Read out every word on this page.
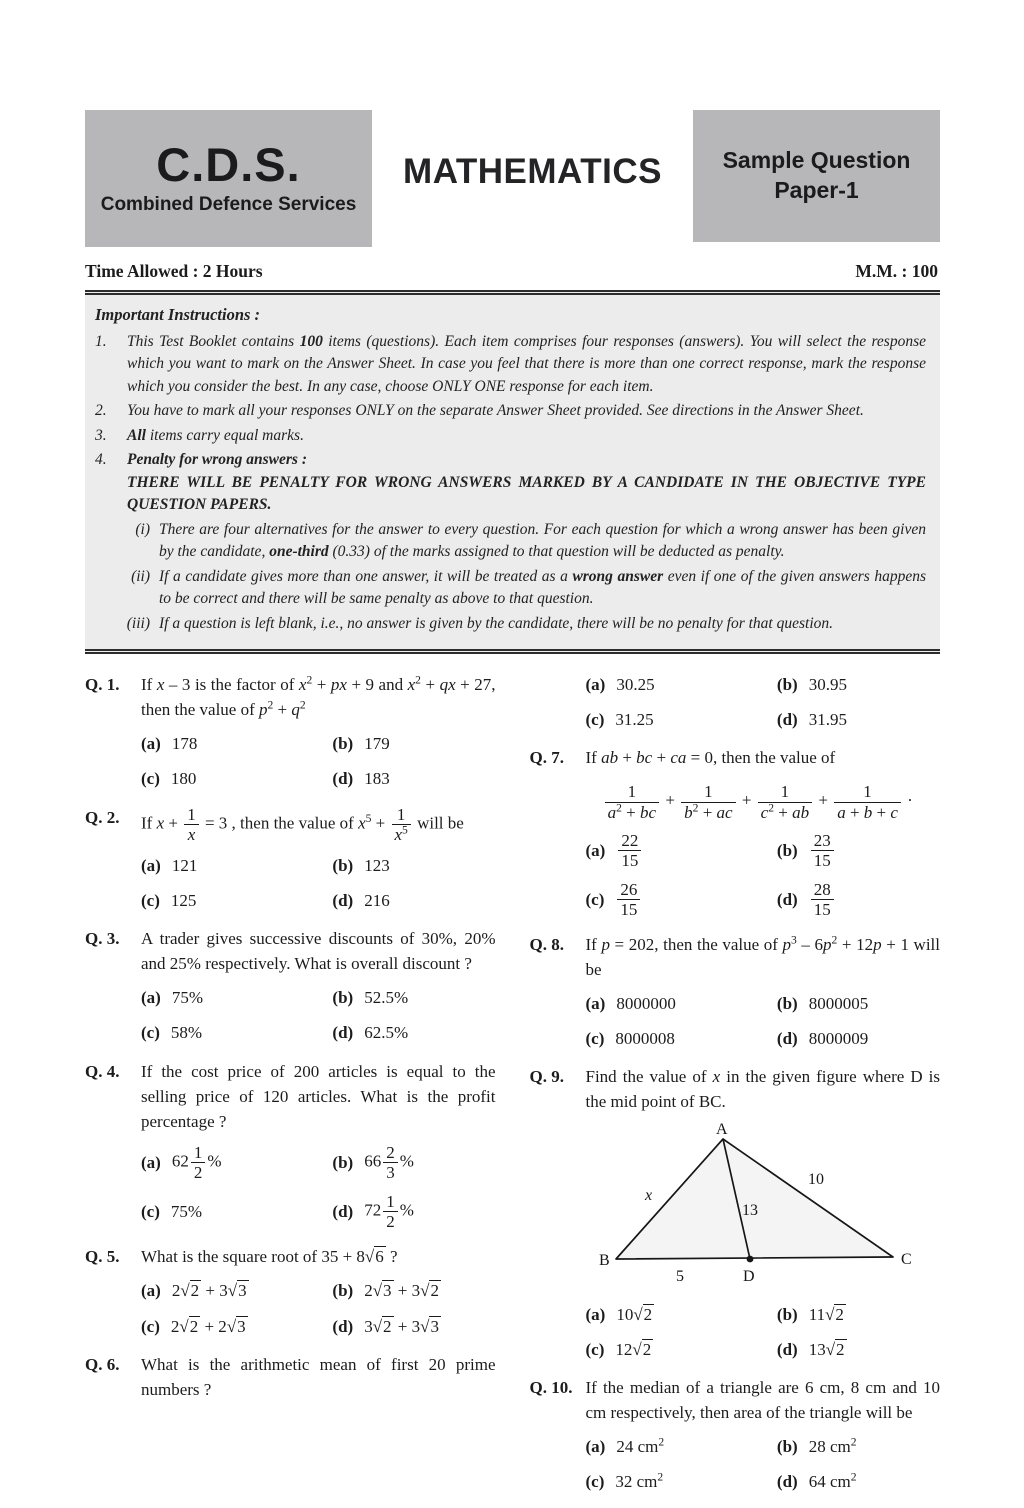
C.D.S.
Combined Defence Services
MATHEMATICS	Sample Question
Paper-1
Time Allowed : 2 Hours	M.M. : 100
Important Instructions :
1.	This Test Booklet contains 100 items (questions). Each item comprises four responses (answers). You will select the response which you want to mark on the Answer Sheet. In case you feel that there is more than one correct response, mark the response which you consider the best. In any case, choose ONLY ONE response for each item.
2.	You have to mark all your responses ONLY on the separate Answer Sheet provided. See directions in the Answer Sheet.
3.	All items carry equal marks.
4.	Penalty for wrong answers :
THERE WILL BE PENALTY FOR WRONG ANSWERS MARKED BY A CANDIDATE IN THE OBJECTIVE TYPE QUESTION PAPERS.
(i) There are four alternatives for the answer to every question. For each question for which a wrong answer has been given by the candidate, one-third (0.33) of the marks assigned to that question will be deducted as penalty.
(ii) If a candidate gives more than one answer, it will be treated as a wrong answer even if one of the given answers happens to be correct and there will be same penalty as above to that question.
(iii) If a question is left blank, i.e., no answer is given by the candidate, there will be no penalty for that question.
Q. 1.	If x – 3 is the factor of $x^2$ + px + 9 and $x^2$ + qx + 27, then the value of $p^2 + q^2$
(a) 178	(b) 179
(c) 180	(d) 183
Q. 2.	If $x + \frac{1}{x} = 3$ , then the value of $x^5 + \frac{1}{x^5}$ will be
(a) 121	(b) 123
(c) 125	(d) 216
Q. 3.	A trader gives successive discounts of 30%, 20% and 25% respectively. What is overall discount ?
(a) 75%	(b) 52.5%
(c) 58%	(d) 62.5%
Q. 4.	If the cost price of 200 articles is equal to the selling price of 120 articles. What is the profit percentage ?
(a) $62 \frac{1}{2}$ %	(b) $66 \frac{2}{3}$ %
(c) 75%	(d) $72 \frac{1}{2}$ %
Q. 5.	What is the square root of 35 + 8√6 ?
(a) 2√2 + 3√3	(b) 2√3 + 3√2
(c) 2√2 + 2√3	(d) 3√2 + 3√3
Q. 6.	What is the arithmetic mean of first 20 prime numbers ?
(a) 30.25	(b) 30.95
(c) 31.25	(d) 31.95
Q. 7.	If ab + bc + ca = 0, then the value of
$\frac{1}{a^2 + bc} + \frac{1}{b^2 + ac} + \frac{1}{c^2 + ab} + \frac{1}{a + b + c}$ ·
$(a) \frac{22}{15}$	$(b) \frac{23}{15}$
$(c) \frac{26}{15}$	$(d) \frac{28}{15}$
Q. 8.	If p = 202, then the value of $p^3 - 6p^2 + 12p + 1$ will be
(a) 8000000	(b) 8000005
(c) 8000008	(d) 8000009
Q. 9.	Find the value of x in the given figure where D is the mid point of BC.
A
B	C
D
x
13
10
5
(a) 10√2	(b) 11√2
(c) 12√2	(d) 13√2
Q. 10. If the median of a triangle are 6 cm, 8 cm and 10 cm respectively, then area of the triangle will be
(a) 24 $cm^2$	(b) 28 $cm^2$
(c) 32 $cm^2$	(d) 64 $cm^2$
